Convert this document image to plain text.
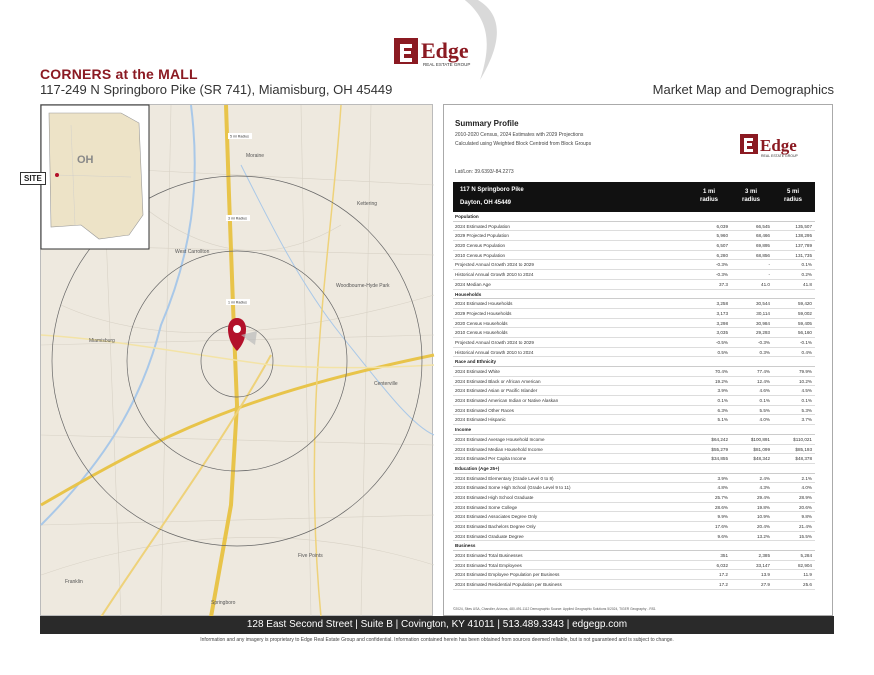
Edge
REAL ESTATE GROUP
CORNERS at the MALL
117-249 N Springboro Pike (SR 741), Miamisburg, OH 45449	Market Map and Demographics
1 mi Radius
3 mi Radius
5 mi Radius
Moraine
Kettering
West Carrollton
Woodbourne-Hyde Park
Miamisburg
Centerville
Five Points
Franklin
Springboro
OH
SITE
Summary Profile
2010-2020 Census, 2024 Estimates with 2029 Projections
Calculated using Weighted Block Centroid from Block Groups
Lat/Lon: 39.6393/-84.2273
Edge
REAL ESTATE GROUP
117 N Springboro Pike
Dayton, OH 45449
1 mi
radius
3 mi
radius
5 mi
radius
Population
2024 Estimated Population	6,039	66,545	135,507
2029 Projected Population	5,960	68,466	138,295
2020 Census Population	6,507	69,895	137,789
2010 Census Population	6,280	68,856	131,735
Projected Annual Growth 2024 to 2029	-0.3%	-	0.1%
Historical Annual Growth 2010 to 2024	-0.3%	-	0.2%
2024 Median Age	37.3	41.0	41.8
Households
2024 Estimated Households	3,258	30,544	59,420
2029 Projected Households	3,173	30,114	59,002
2020 Census Households	3,298	30,984	59,405
2010 Census Households	3,035	29,293	56,160
Projected Annual Growth 2024 to 2029	-0.5%	-0.3%	-0.1%
Historical Annual Growth 2010 to 2024	0.5%	0.3%	0.4%
Race and Ethnicity
2024 Estimated White	70.4%	77.4%	79.9%
2024 Estimated Black or African American	19.2%	12.4%	10.2%
2024 Estimated Asian or Pacific Islander	3.9%	4.6%	4.5%
2024 Estimated American Indian or Native Alaskan	0.1%	0.1%	0.1%
2024 Estimated Other Races	6.3%	5.5%	5.3%
2024 Estimated Hispanic	5.1%	4.0%	3.7%
Income
2024 Estimated Average Household Income	$64,242	$100,891	$110,021
2024 Estimated Median Household Income	$55,279	$81,099	$85,193
2024 Estimated Per Capita Income	$34,855	$48,342	$48,378
Education (Age 25+)
2024 Estimated Elementary (Grade Level 0 to 8)	3.9%	2.4%	2.1%
2024 Estimated Some High School (Grade Level 9 to 11)	4.8%	4.3%	4.0%
2024 Estimated High School Graduate	25.7%	29.4%	28.9%
2024 Estimated Some College	28.6%	19.8%	20.6%
2024 Estimated Associates Degree Only	9.9%	10.9%	9.8%
2024 Estimated Bachelors Degree Only	17.6%	20.4%	21.4%
2024 Estimated Graduate Degree	9.6%	13.2%	15.5%
Business
2024 Estimated Total Businesses	351	2,385	5,284
2024 Estimated Total Employees	6,032	33,147	82,904
2024 Estimated Employee Population per Business	17.2	13.9	11.9
2024 Estimated Residential Population per Business	17.2	27.9	25.6
©2024, Sites USA, Chandler, Arizona, 480-491-1112 Demographic Source: Applied Geographic Solutions 5/2024, TIGER Geography - RS1
128 East Second Street | Suite B | Covington, KY 41011 | 513.489.3343 | edgegp.com
Information and any imagery is proprietary to Edge Real Estate Group and confidential. Information contained herein has been obtained from sources deemed reliable, but is not guaranteed and is subject to change.
